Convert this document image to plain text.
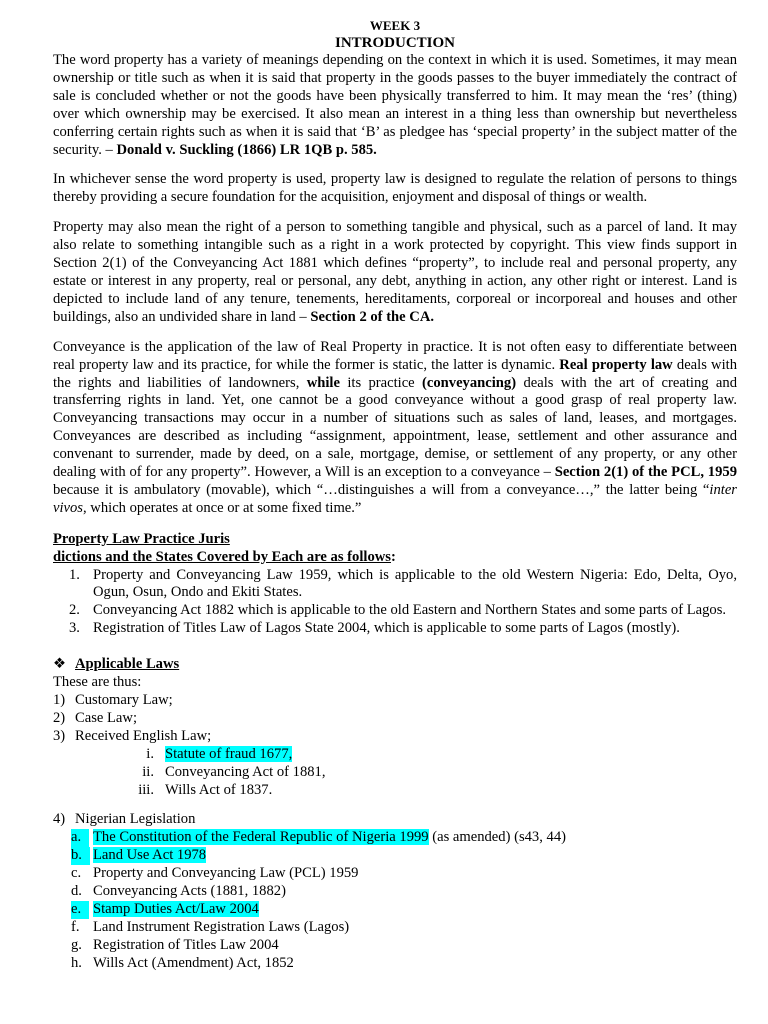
WEEK 3
INTRODUCTION

The word property has a variety of meanings depending on the context in which it is used. Sometimes, it may mean ownership or title such as when it is said that property in the goods passes to the buyer immediately the contract of sale is concluded whether or not the goods have been physically transferred to him. It may mean the ‘res’ (thing) over which ownership may be exercised. It also mean an interest in a thing less than ownership but nevertheless conferring certain rights such as when it is said that ‘B’ as pledgee has ‘special property’ in the subject matter of the security. – Donald v. Suckling (1866) LR 1QB p. 585.

In whichever sense the word property is used, property law is designed to regulate the relation of persons to things thereby providing a secure foundation for the acquisition, enjoyment and disposal of things or wealth.

Property may also mean the right of a person to something tangible and physical, such as a parcel of land. It may also relate to something intangible such as a right in a work protected by copyright. This view finds support in Section 2(1) of the Conveyancing Act 1881 which defines “property”, to include real and personal property, any estate or interest in any property, real or personal, any debt, anything in action, any other right or interest. Land is depicted to include land of any tenure, tenements, hereditaments, corporeal or incorporeal and houses and other buildings, also an undivided share in land – Section 2 of the CA.

Conveyance is the application of the law of Real Property in practice. It is not often easy to differentiate between real property law and its practice, for while the former is static, the latter is dynamic. Real property law deals with the rights and liabilities of landowners, while its practice (conveyancing) deals with the art of creating and transferring rights in land. Yet, one cannot be a good conveyance without a good grasp of real property law. Conveyancing transactions may occur in a number of situations such as sales of land, leases, and mortgages. Conveyances are described as including “assignment, appointment, lease, settlement and other assurance and convenant to surrender, made by deed, on a sale, mortgage, demise, or settlement of any property, or any other dealing with of for any property”. However, a Will is an exception to a conveyance – Section 2(1) of the PCL, 1959 because it is ambulatory (movable), which “…distinguishes a will from a conveyance…,” the latter being “inter vivos, which operates at once or at some fixed time.”

Property Law Practice Juris
dictions and the States Covered by Each are as follows:
1. Property and Conveyancing Law 1959, which is applicable to the old Western Nigeria: Edo, Delta, Oyo, Ogun, Osun, Ondo and Ekiti States.
2. Conveyancing Act 1882 which is applicable to the old Eastern and Northern States and some parts of Lagos.
3. Registration of Titles Law of Lagos State 2004, which is applicable to some parts of Lagos (mostly).
❖ Applicable Laws
These are thus:
1) Customary Law;
2) Case Law;
3) Received English Law;
i. Statute of fraud 1677,
ii. Conveyancing Act of 1881,
iii. Wills Act of 1837.
4) Nigerian Legislation
a. The Constitution of the Federal Republic of Nigeria 1999 (as amended) (s43, 44)
b. Land Use Act 1978
c. Property and Conveyancing Law (PCL) 1959
d. Conveyancing Acts (1881, 1882)
e. Stamp Duties Act/Law 2004
f. Land Instrument Registration Laws (Lagos)
g. Registration of Titles Law 2004
h. Wills Act (Amendment) Act, 1852
